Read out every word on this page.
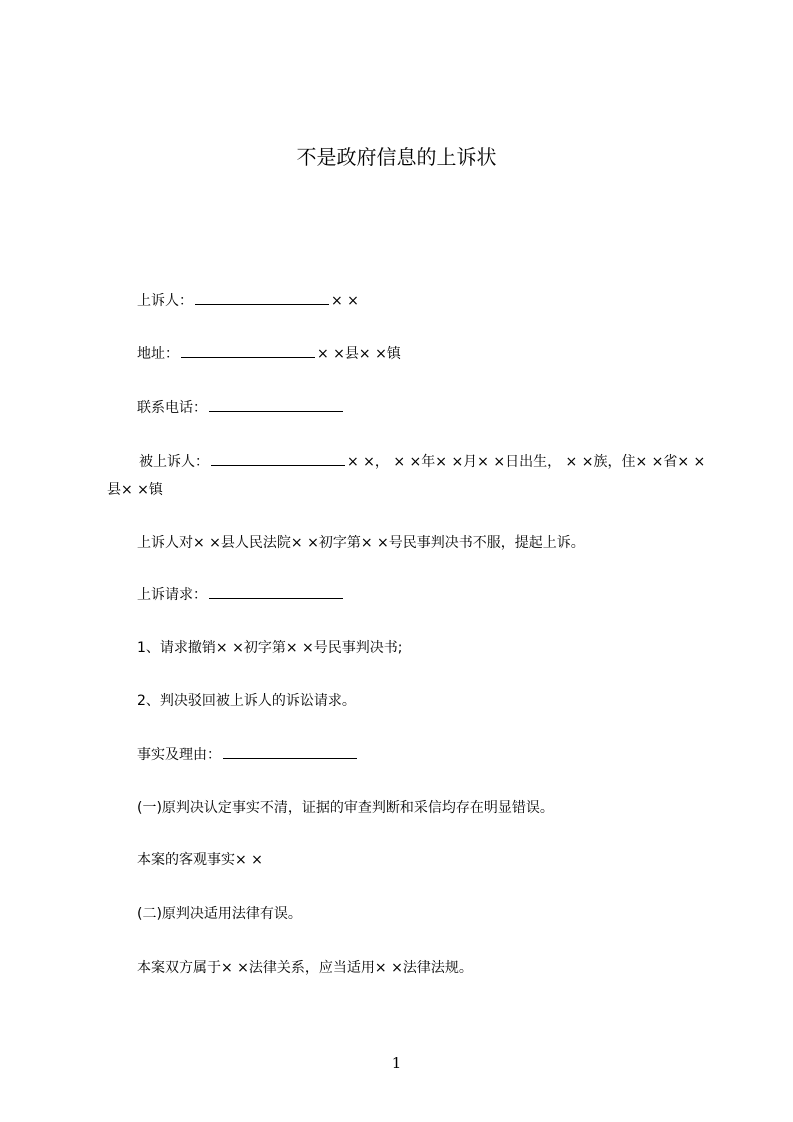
不是政府信息的上诉状
上诉人：	× ×
地址：	× ×县× ×镇
联系电话：
被上诉人：	× ×， × ×年× ×月× ×日出生， × ×族，住× ×省× ×县× ×镇
上诉人对× ×县人民法院× ×初字第× ×号民事判决书不服，提起上诉。
上诉请求：
1、请求撤销× ×初字第× ×号民事判决书;
2、判决驳回被上诉人的诉讼请求。
事实及理由：
(一)原判决认定事实不清，证据的审查判断和采信均存在明显错误。
本案的客观事实× ×
(二)原判决适用法律有误。
本案双方属于× ×法律关系，应当适用× ×法律法规。
1
